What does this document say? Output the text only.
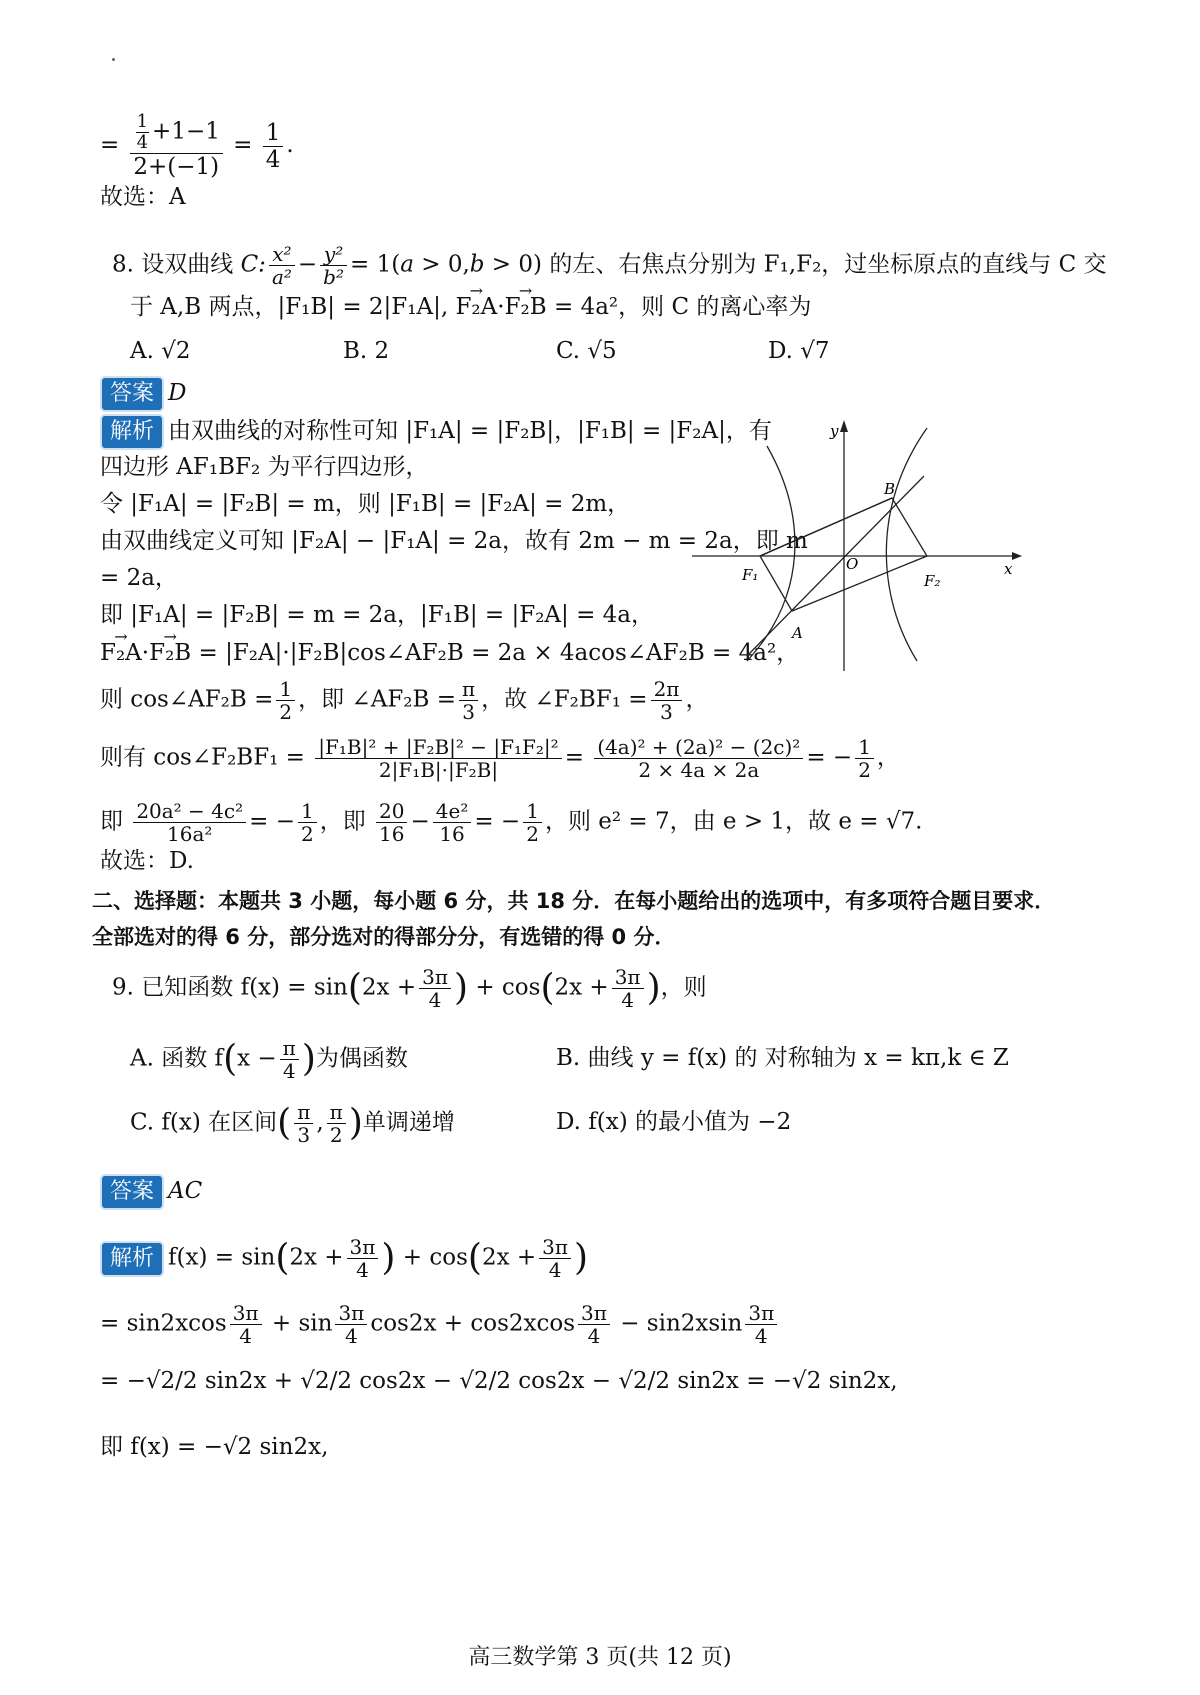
= $\frac{\frac{1}{4} +1-1}{2+(-1)} = \frac{1}{4}$ .
故选：A
8. 设双曲线 C: $\frac{\text{x²}}{\text{a²}} - \frac{\text{y²}}{\text{b²}} = 1(a > 0,b > 0)$ 的左、右焦点分别为 F₁,F₂，过坐标原点的直线与 C 交
于 A,B 两点，|F₁B| = 2|F₁A|, → F₂A·→ F₂B = 4a²，则 C 的离心率为
A. √2	B. 2	C. √5	D. √7
答案 D
解析 由双曲线的对称性可知 |F₁A| = |F₂B|，|F₁B| = |F₂A|，有
四边形 AF₁BF₂ 为平行四边形，
令 |F₁A| = |F₂B| = m，则 |F₁B| = |F₂A| = 2m，
由双曲线定义可知 |F₂A| − |F₁A| = 2a，故有 2m − m = 2a，即 m
= 2a，
即 |F₁A| = |F₂B| = m = 2a，|F₁B| = |F₂A| = 4a，
→ F₂A·→ F₂B = |F₂A|·|F₂B|cos∠AF₂B = 2a × 4acos∠AF₂B = 4a²，
则 cos∠AF₂B = $\frac{1}{2}$ ，即 ∠AF₂B = $\frac{\pi}{3}$ ，故 ∠F₂BF₁ = $\frac{2\pi}{3}$ ，
则有 cos∠F₂BF₁ = $\frac{\text{|F₁B|² + |F₂B|² − |F₁F₂|²}}{\text{2|F₁B|·|F₂B|}} = \frac{\text{(4a)² + (2a)² − (2c)²}}{2 \times 4a \times 2a}$ = − $\frac{1}{2}$ ，
即 $\frac{\text{20a² − 4c²}}{\text{16a²}}$ = − $\frac{1}{2}$ ，即 $\frac{20}{16} - \frac{\text{4e²}}{16}$ = − $\frac{1}{2}$ ，则 e² = 7，由 e > 1，故 e = √7.
故选：D.
y
x
O
F₁	F₂
A
B
二、选择题：本题共 3 小题，每小题 6 分，共 18 分．在每小题给出的选项中，有多项符合题目要求．
全部选对的得 6 分，部分选对的得部分分，有选错的得 0 分．
9. 已知函数 $f(x) = \sin(2x + \frac{3\pi}{4}$ ) + $\cos(2x + \frac{3\pi}{4}$ )，则
A. 函数 $f(x - \frac{\pi}{4}$ )为偶函数	B. 曲线 y = f(x) 的 对称轴为 x = kπ,k ∈ Z
C. f(x) 在区间( $\frac{\pi}{3}$ , $\frac{\pi}{2}$ )单调递增	D. f(x) 的最小值为 −2
答案 AC
解析 $f(x) = \sin(2x + \frac{3\pi}{4}$ ) + $\cos(2x + \frac{3\pi}{4}$ )
= $\sin 2xcos \frac{3\pi}{4} + \sin \frac{3\pi}{4} \cos 2x + \cos 2xcos \frac{3\pi}{4} - \sin 2xsin \frac{3\pi}{4}$
= −√2/2 sin2x + √2/2 cos2x − √2/2 cos2x − √2/2 sin2x = −√2 sin2x,
即 f(x) = −√2 sin2x,
高三数学第 3 页(共 12 页)
